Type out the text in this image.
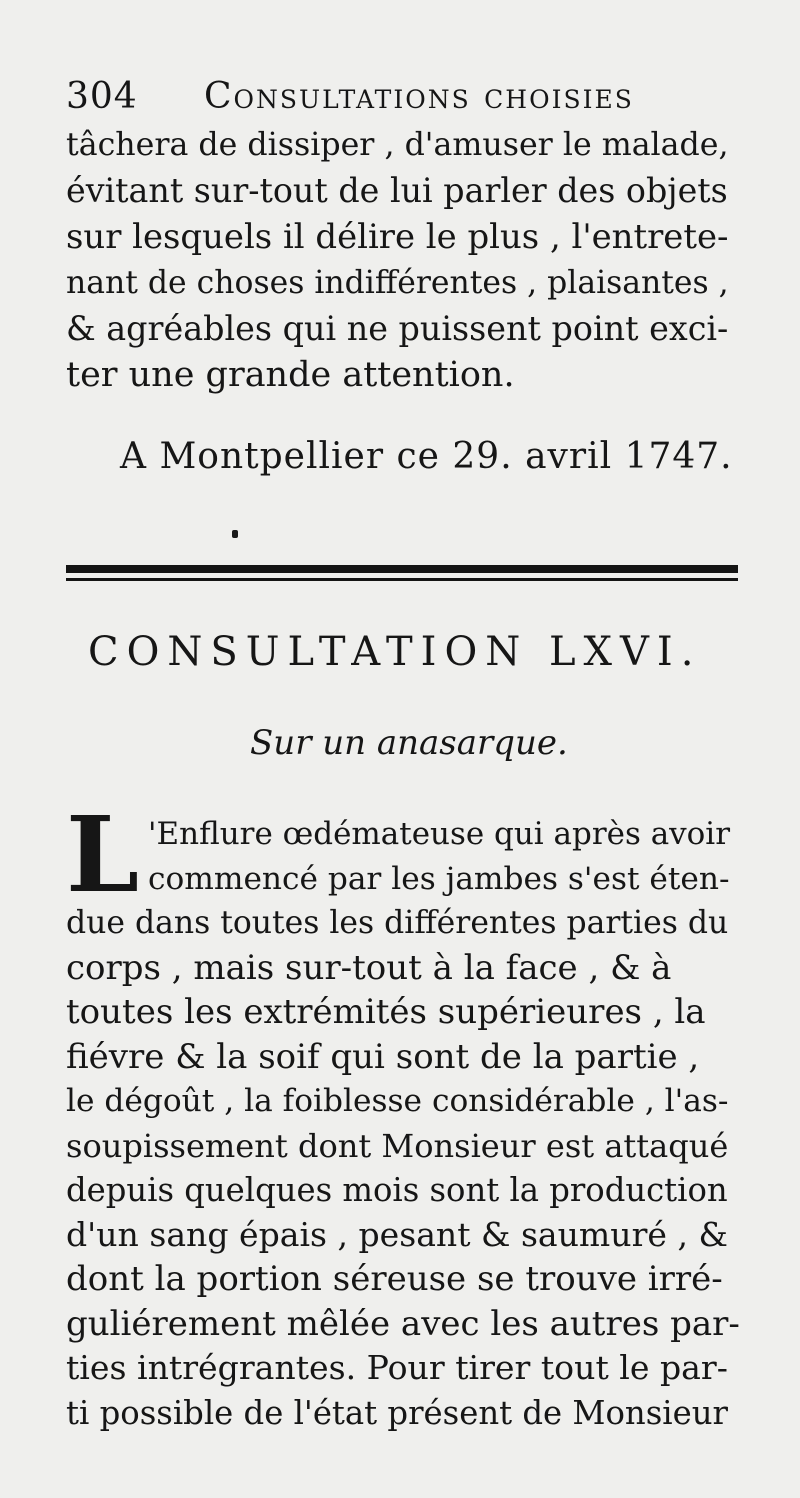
304 Consultations choisies
tâchera de dissiper , d'amuser le malade,
évitant sur-tout de lui parler des objets
sur lesquels il délire le plus , l'entrete-
nant de choses indifférentes , plaisantes ,
& agréables qui ne puissent point exci-
ter une grande attention.
A Montpellier ce 29. avril 1747.
CONSULTATION LXVI.
Sur un anasarque.
L 'Enflure œdémateuse qui après avoir
commencé par les jambes s'est éten-
due dans toutes les différentes parties du
corps , mais sur-tout à la face , & à
toutes les extrémités supérieures , la
fiévre & la soif qui sont de la partie ,
le dégoût , la foiblesse considérable , l'as-
soupissement dont Monsieur est attaqué
depuis quelques mois sont la production
d'un sang épais , pesant & saumuré , &
dont la portion séreuse se trouve irré-
guliérement mêlée avec les autres par-
ties intrégrantes. Pour tirer tout le par-
ti possible de l'état présent de Monsieur
